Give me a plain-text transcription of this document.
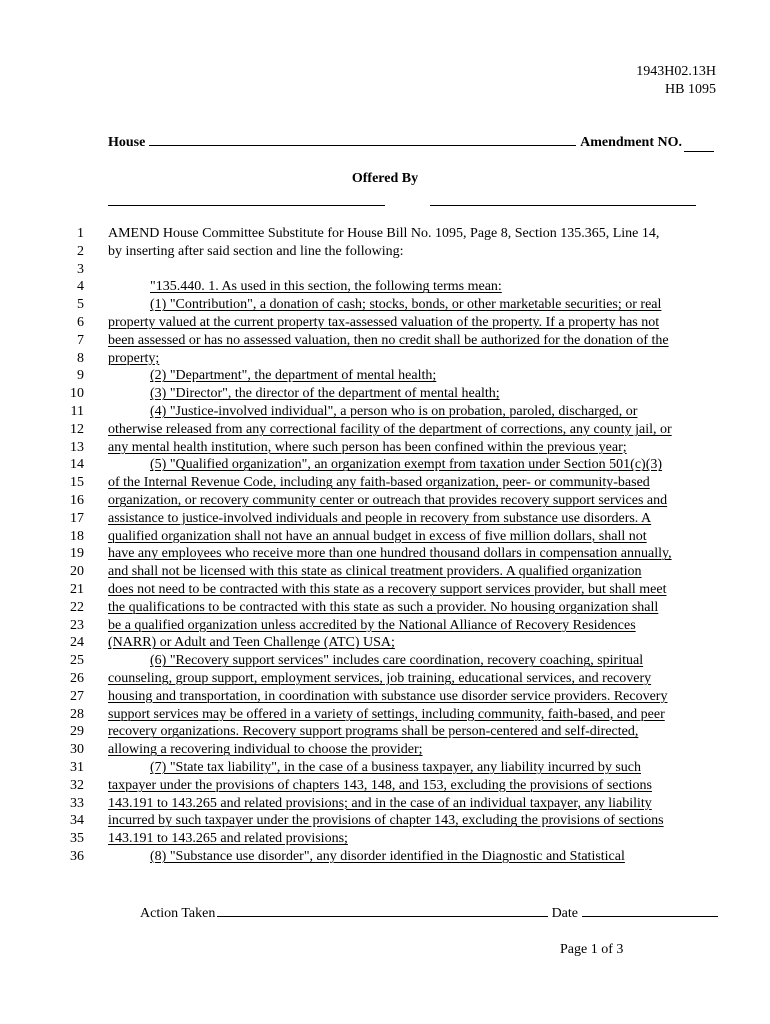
1943H02.13H
HB 1095
House	Amendment NO.

Offered By
1 AMEND House Committee Substitute for House Bill No. 1095, Page 8, Section 135.365, Line 14,
2 by inserting after said section and line the following:
3
4	"135.440. 1. As used in this section, the following terms mean:
5	(1) "Contribution", a donation of cash; stocks, bonds, or other marketable securities; or real
6 property valued at the current property tax-assessed valuation of the property. If a property has not
7 been assessed or has no assessed valuation, then no credit shall be authorized for the donation of the
8 property;
9	(2) "Department", the department of mental health;
10	(3) "Director", the director of the department of mental health;
11	(4) "Justice-involved individual", a person who is on probation, paroled, discharged, or
12 otherwise released from any correctional facility of the department of corrections, any county jail, or
13 any mental health institution, where such person has been confined within the previous year;
14	(5) "Qualified organization", an organization exempt from taxation under Section 501(c)(3)
15 of the Internal Revenue Code, including any faith-based organization, peer- or community-based
16 organization, or recovery community center or outreach that provides recovery support services and
17 assistance to justice-involved individuals and people in recovery from substance use disorders. A
18 qualified organization shall not have an annual budget in excess of five million dollars, shall not
19 have any employees who receive more than one hundred thousand dollars in compensation annually,
20 and shall not be licensed with this state as clinical treatment providers. A qualified organization
21 does not need to be contracted with this state as a recovery support services provider, but shall meet
22 the qualifications to be contracted with this state as such a provider. No housing organization shall
23 be a qualified organization unless accredited by the National Alliance of Recovery Residences
24 (NARR) or Adult and Teen Challenge (ATC) USA;
25	(6) "Recovery support services" includes care coordination, recovery coaching, spiritual
26 counseling, group support, employment services, job training, educational services, and recovery
27 housing and transportation, in coordination with substance use disorder service providers. Recovery
28 support services may be offered in a variety of settings, including community, faith-based, and peer
29 recovery organizations. Recovery support programs shall be person-centered and self-directed,
30 allowing a recovering individual to choose the provider;
31	(7) "State tax liability", in the case of a business taxpayer, any liability incurred by such
32 taxpayer under the provisions of chapters 143, 148, and 153, excluding the provisions of sections
33 143.191 to 143.265 and related provisions; and in the case of an individual taxpayer, any liability
34 incurred by such taxpayer under the provisions of chapter 143, excluding the provisions of sections
35 143.191 to 143.265 and related provisions;
36	(8) "Substance use disorder", any disorder identified in the Diagnostic and Statistical
Action Taken	Date
Page 1 of 3
